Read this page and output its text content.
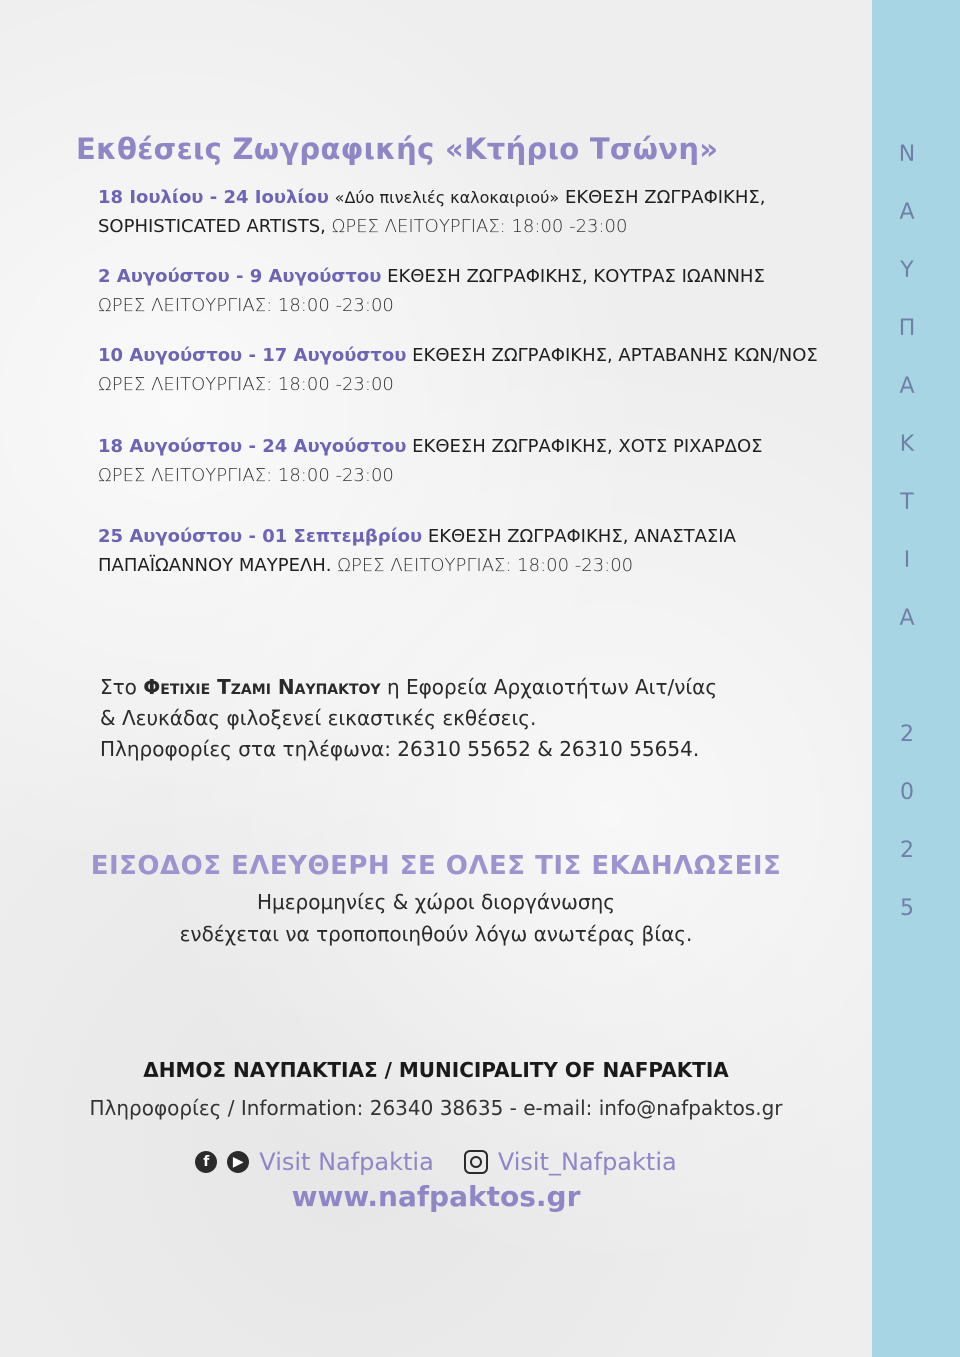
Ν
Α
Υ
Π
Α
Κ
Τ
Ι
Α
2
0
2
5
Εκθέσεις Ζωγραφικής «Κτήριο Τσώνη»
18 Ιουλίου - 24 Ιουλίου «Δύο πινελιές καλοκαιριού» ΕΚΘΕΣΗ ΖΩΓΡΑΦΙΚΗΣ,
SOPHISTICATED ARTISTS, ΩΡΕΣ ΛΕΙΤΟΥΡΓΙΑΣ: 18:00 -23:00
2 Αυγούστου - 9 Αυγούστου ΕΚΘΕΣΗ ΖΩΓΡΑΦΙΚΗΣ, ΚΟΥΤΡΑΣ ΙΩΑΝΝΗΣ
ΩΡΕΣ ΛΕΙΤΟΥΡΓΙΑΣ: 18:00 -23:00
10 Αυγούστου - 17 Αυγούστου ΕΚΘΕΣΗ ΖΩΓΡΑΦΙΚΗΣ, ΑΡΤΑΒΑΝΗΣ ΚΩΝ/ΝΟΣ
ΩΡΕΣ ΛΕΙΤΟΥΡΓΙΑΣ: 18:00 -23:00
18 Αυγούστου - 24 Αυγούστου ΕΚΘΕΣΗ ΖΩΓΡΑΦΙΚΗΣ, ΧΟΤΣ ΡΙΧΑΡΔΟΣ
ΩΡΕΣ ΛΕΙΤΟΥΡΓΙΑΣ: 18:00 -23:00
25 Αυγούστου - 01 Σεπτεμβρίου ΕΚΘΕΣΗ ΖΩΓΡΑΦΙΚΗΣ, ΑΝΑΣΤΑΣΙΑ
ΠΑΠΑΪΩΑΝΝΟΥ ΜΑΥΡΕΛΗ. ΩΡΕΣ ΛΕΙΤΟΥΡΓΙΑΣ: 18:00 -23:00
Στο Φετιχιε Τζαμι Ναυπακτου η Εφορεία Αρχαιοτήτων Αιτ/νίας
& Λευκάδας φιλοξενεί εικαστικές εκθέσεις.
Πληροφορίες στα τηλέφωνα: 26310 55652 & 26310 55654.
ΕΙΣΟΔΟΣ ΕΛΕΥΘΕΡΗ ΣΕ ΟΛΕΣ ΤΙΣ ΕΚΔΗΛΩΣΕΙΣ
Ημερομηνίες & χώροι διοργάνωσης
ενδέχεται να τροποποιηθούν λόγω ανωτέρας βίας.
ΔΗΜΟΣ ΝΑΥΠΑΚΤΙΑΣ / MUNICIPALITY OF NAFPAKTIA
Πληροφορίες / Information: 26340 38635 - e-mail: info@nafpaktos.gr
f	▶ Visit Nafpaktia	Visit_Nafpaktia
www.nafpaktos.gr
